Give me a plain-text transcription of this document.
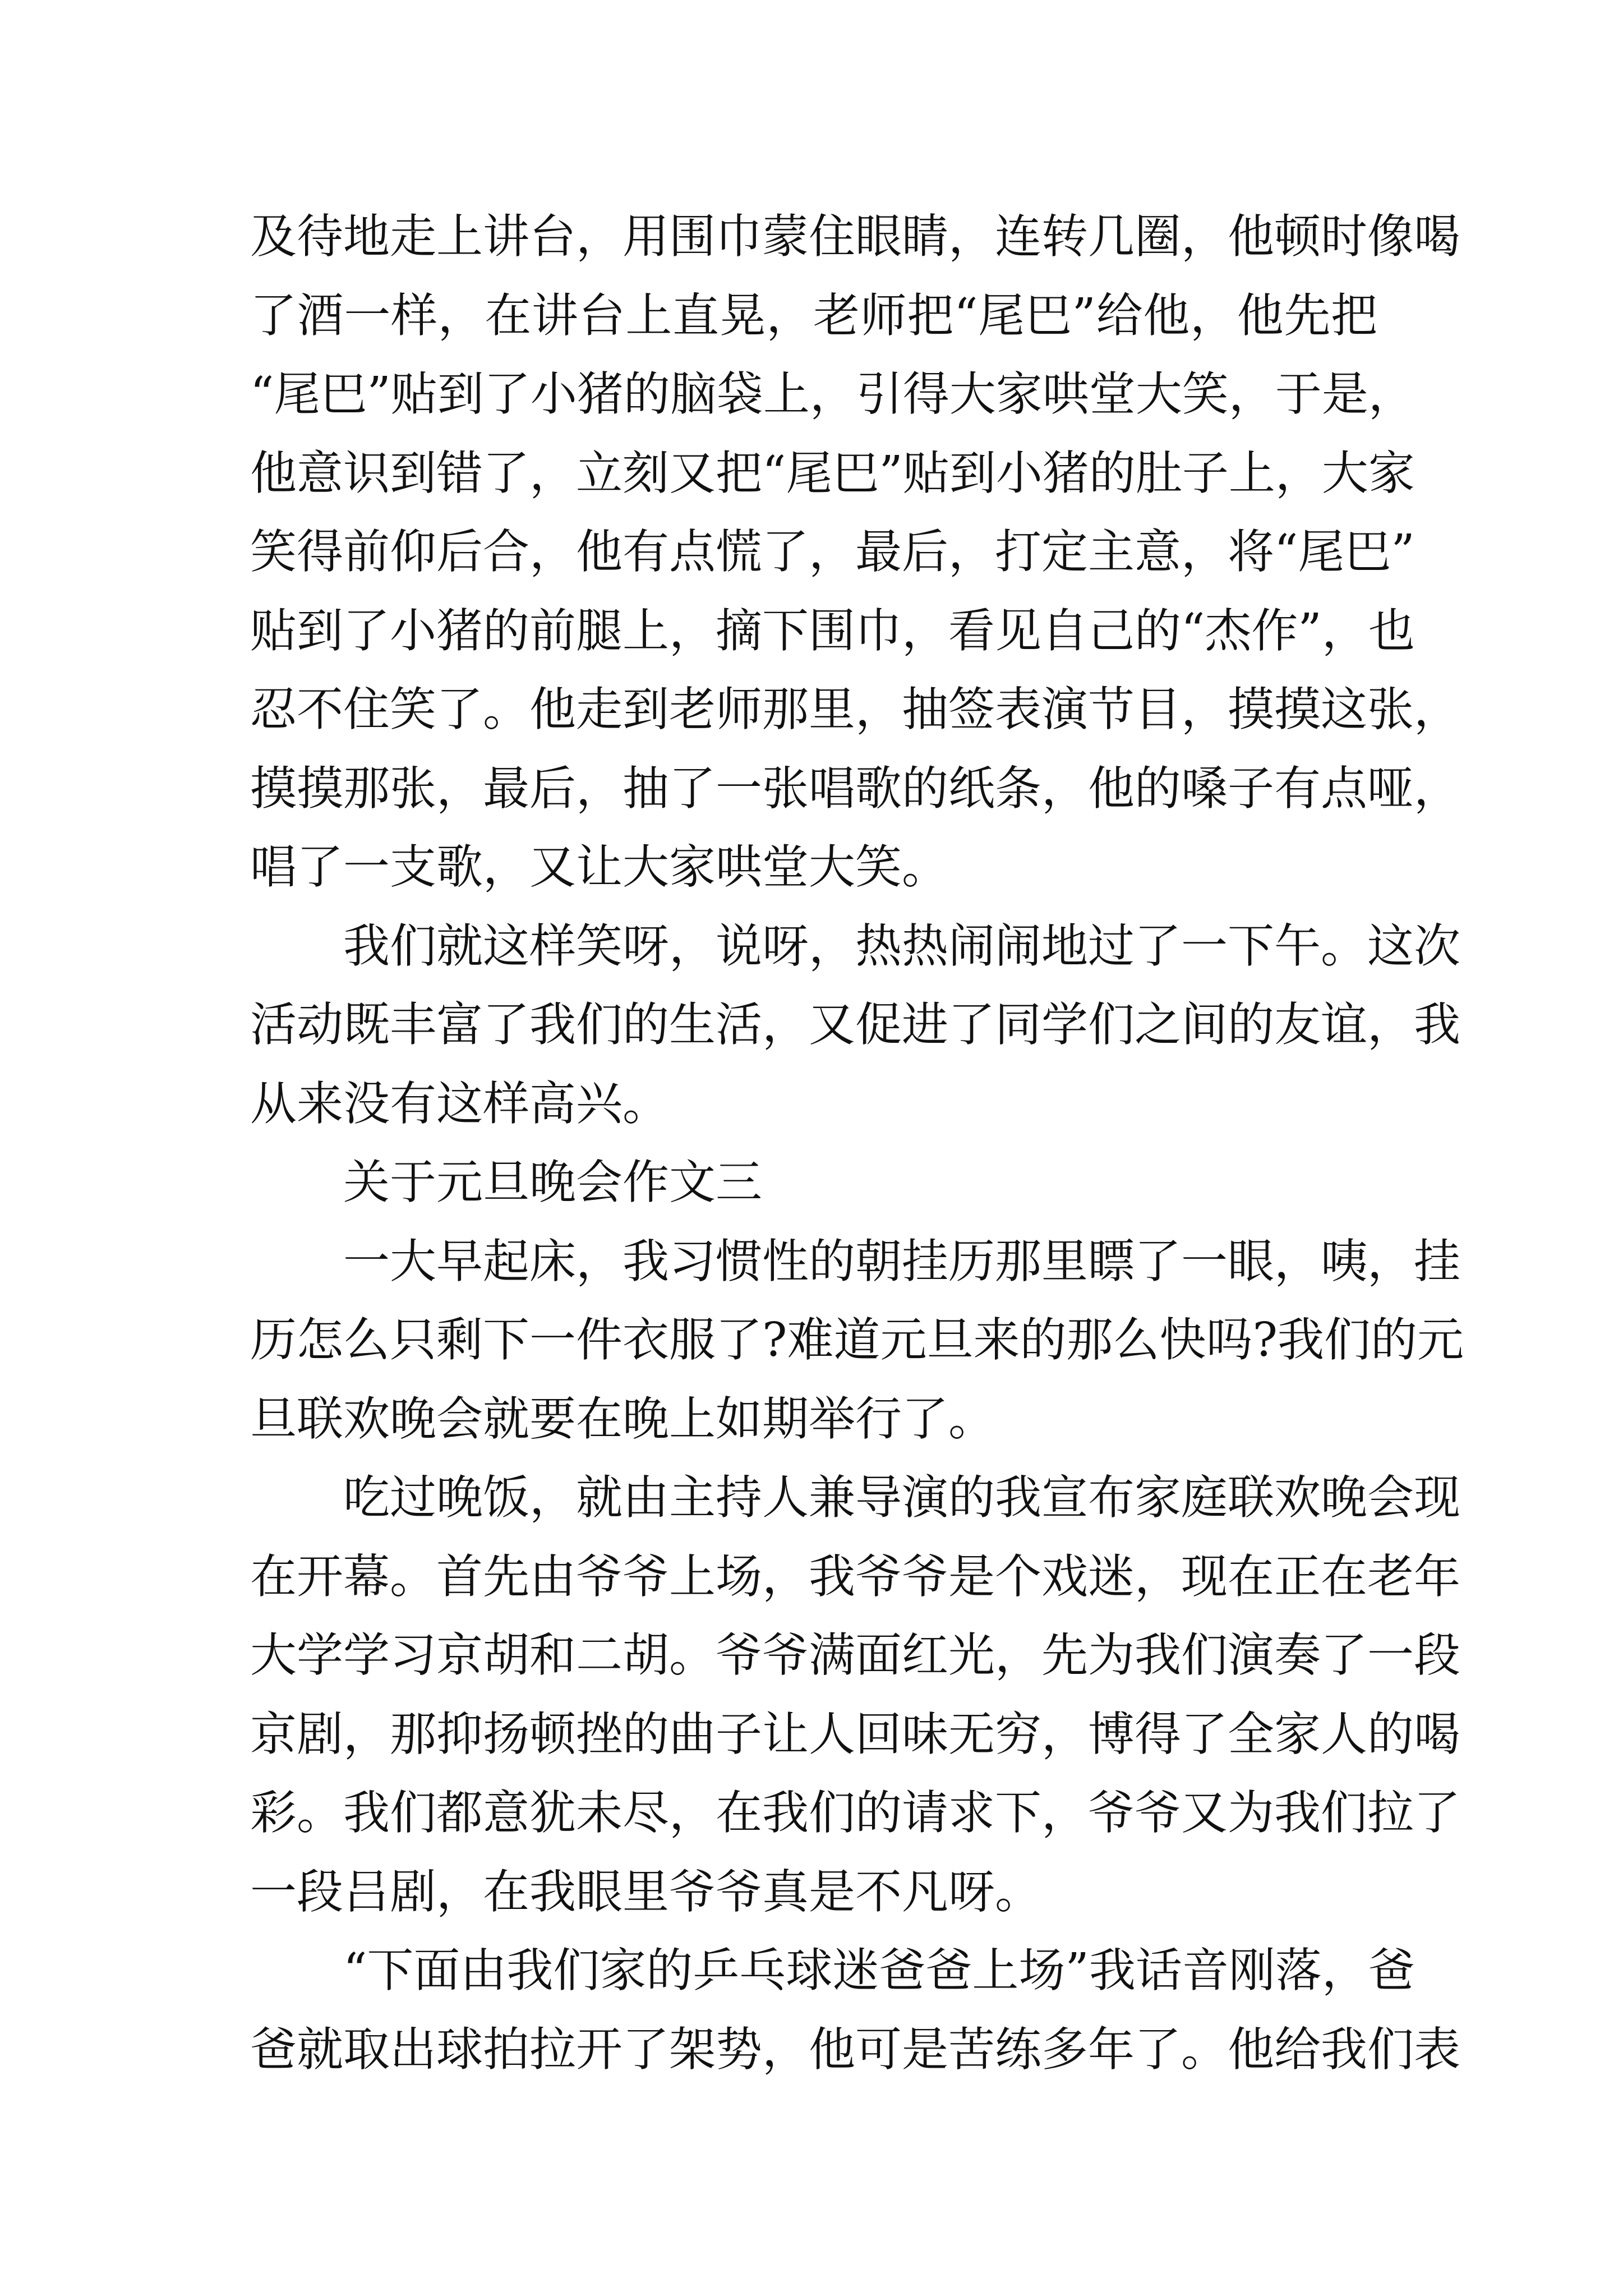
及待地走上讲台，用围巾蒙住眼睛，连转几圈，他顿时像喝
了酒一样，在讲台上直晃，老师把“尾巴”给他，他先把
“尾巴”贴到了小猪的脑袋上，引得大家哄堂大笑，于是，
他意识到错了，立刻又把“尾巴”贴到小猪的肚子上，大家
笑得前仰后合，他有点慌了，最后，打定主意，将“尾巴”
贴到了小猪的前腿上，摘下围巾，看见自己的“杰作”，也
忍不住笑了。他走到老师那里，抽签表演节目，摸摸这张，
摸摸那张，最后，抽了一张唱歌的纸条，他的嗓子有点哑，
唱了一支歌，又让大家哄堂大笑。
我们就这样笑呀，说呀，热热闹闹地过了一下午。这次
活动既丰富了我们的生活，又促进了同学们之间的友谊，我
从来没有这样高兴。
关于元旦晚会作文三
一大早起床，我习惯性的朝挂历那里瞟了一眼，咦，挂
历怎么只剩下一件衣服了?难道元旦来的那么快吗?我们的元
旦联欢晚会就要在晚上如期举行了。
吃过晚饭，就由主持人兼导演的我宣布家庭联欢晚会现
在开幕。首先由爷爷上场，我爷爷是个戏迷，现在正在老年
大学学习京胡和二胡。爷爷满面红光，先为我们演奏了一段
京剧，那抑扬顿挫的曲子让人回味无穷，博得了全家人的喝
彩。我们都意犹未尽，在我们的请求下，爷爷又为我们拉了
一段吕剧，在我眼里爷爷真是不凡呀。
“下面由我们家的乒乓球迷爸爸上场”我话音刚落，爸
爸就取出球拍拉开了架势，他可是苦练多年了。他给我们表
